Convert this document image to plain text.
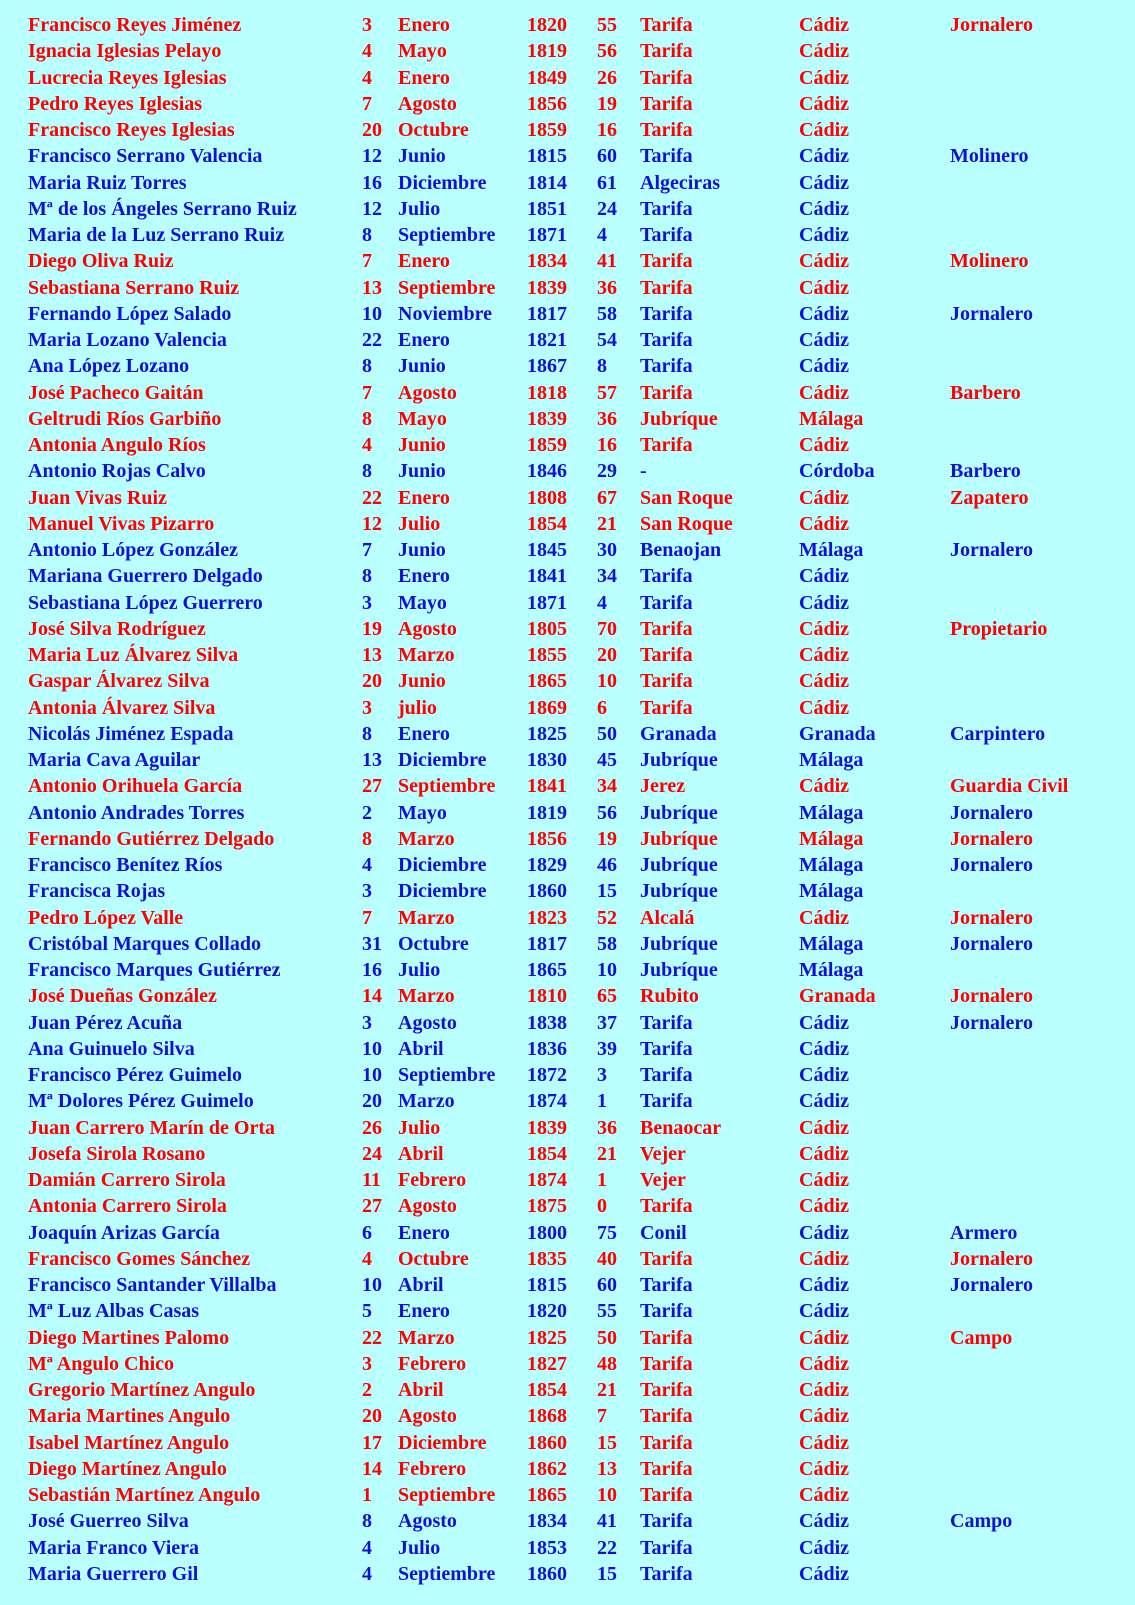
Francisco Reyes Jiménez	3 Enero	1820 55 Tarifa	Cádiz	Jornalero
Ignacia Iglesias Pelayo	4 Mayo	1819 56 Tarifa	Cádiz
Lucrecia Reyes Iglesias	4 Enero	1849 26 Tarifa	Cádiz
Pedro Reyes Iglesias	7 Agosto	1856 19 Tarifa	Cádiz
Francisco Reyes Iglesias	20 Octubre	1859 16 Tarifa	Cádiz
Francisco Serrano Valencia	12 Junio	1815 60 Tarifa	Cádiz	Molinero
Maria Ruiz Torres	16 Diciembre 1814 61 Algeciras	Cádiz
Mª de los Ángeles Serrano Ruiz	12 Julio	1851 24 Tarifa	Cádiz
Maria de la Luz Serrano Ruiz	8 Septiembre 1871 4 Tarifa	Cádiz
Diego Oliva Ruiz	7 Enero	1834 41 Tarifa	Cádiz	Molinero
Sebastiana Serrano Ruiz	13 Septiembre 1839 36 Tarifa	Cádiz
Fernando López Salado	10 Noviembre 1817 58 Tarifa	Cádiz	Jornalero
Maria Lozano Valencia	22 Enero	1821 54 Tarifa	Cádiz
Ana López Lozano	8 Junio	1867 8 Tarifa	Cádiz
José Pacheco Gaitán	7 Agosto	1818 57 Tarifa	Cádiz	Barbero
Geltrudi Ríos Garbiño	8 Mayo	1839 36 Jubríque	Málaga
Antonia Angulo Ríos	4 Junio	1859 16 Tarifa	Cádiz
Antonio Rojas Calvo	8 Junio	1846 29 -	Córdoba	Barbero
Juan Vivas Ruiz	22 Enero	1808 67 San Roque	Cádiz	Zapatero
Manuel Vivas Pizarro	12 Julio	1854 21 San Roque	Cádiz
Antonio López González	7 Junio	1845 30 Benaojan	Málaga	Jornalero
Mariana Guerrero Delgado	8 Enero	1841 34 Tarifa	Cádiz
Sebastiana López Guerrero	3 Mayo	1871 4 Tarifa	Cádiz
José Silva Rodríguez	19 Agosto	1805 70 Tarifa	Cádiz	Propietario
Maria Luz Álvarez Silva	13 Marzo	1855 20 Tarifa	Cádiz
Gaspar Álvarez Silva	20 Junio	1865 10 Tarifa	Cádiz
Antonia Álvarez Silva	3 julio	1869 6 Tarifa	Cádiz
Nicolás Jiménez Espada	8 Enero	1825 50 Granada	Granada	Carpintero
Maria Cava Aguilar	13 Diciembre 1830 45 Jubríque	Málaga
Antonio Orihuela García	27 Septiembre 1841 34 Jerez	Cádiz	Guardia Civil
Antonio Andrades Torres	2 Mayo	1819 56 Jubríque	Málaga	Jornalero
Fernando Gutiérrez Delgado	8 Marzo	1856 19 Jubríque	Málaga	Jornalero
Francisco Benítez Ríos	4 Diciembre 1829 46 Jubríque	Málaga	Jornalero
Francisca Rojas	3 Diciembre 1860 15 Jubríque	Málaga
Pedro López Valle	7 Marzo	1823 52 Alcalá	Cádiz	Jornalero
Cristóbal Marques Collado	31 Octubre	1817 58 Jubríque	Málaga	Jornalero
Francisco Marques Gutiérrez	16 Julio	1865 10 Jubríque	Málaga
José Dueñas González	14 Marzo	1810 65 Rubito	Granada	Jornalero
Juan Pérez Acuña	3 Agosto	1838 37 Tarifa	Cádiz	Jornalero
Ana Guinuelo Silva	10 Abril	1836 39 Tarifa	Cádiz
Francisco Pérez Guimelo	10 Septiembre 1872 3 Tarifa	Cádiz
Mª Dolores Pérez Guimelo	20 Marzo	1874 1 Tarifa	Cádiz
Juan Carrero Marín de Orta	26 Julio	1839 36 Benaocar	Cádiz
Josefa Sirola Rosano	24 Abril	1854 21 Vejer	Cádiz
Damián Carrero Sirola	11 Febrero	1874 1 Vejer	Cádiz
Antonia Carrero Sirola	27 Agosto	1875 0 Tarifa	Cádiz
Joaquín Arizas García	6 Enero	1800 75 Conil	Cádiz	Armero
Francisco Gomes Sánchez	4 Octubre	1835 40 Tarifa	Cádiz	Jornalero
Francisco Santander Villalba	10 Abril	1815 60 Tarifa	Cádiz	Jornalero
Mª Luz Albas Casas	5 Enero	1820 55 Tarifa	Cádiz
Diego Martines Palomo	22 Marzo	1825 50 Tarifa	Cádiz	Campo
Mª Angulo Chico	3 Febrero	1827 48 Tarifa	Cádiz
Gregorio Martínez Angulo	2 Abril	1854 21 Tarifa	Cádiz
Maria Martines Angulo	20 Agosto	1868 7 Tarifa	Cádiz
Isabel Martínez Angulo	17 Diciembre 1860 15 Tarifa	Cádiz
Diego Martínez Angulo	14 Febrero	1862 13 Tarifa	Cádiz
Sebastián Martínez Angulo	1 Septiembre 1865 10 Tarifa	Cádiz
José Guerreo Silva	8 Agosto	1834 41 Tarifa	Cádiz	Campo
Maria Franco Viera	4 Julio	1853 22 Tarifa	Cádiz
Maria Guerrero Gil	4 Septiembre 1860 15 Tarifa	Cádiz
